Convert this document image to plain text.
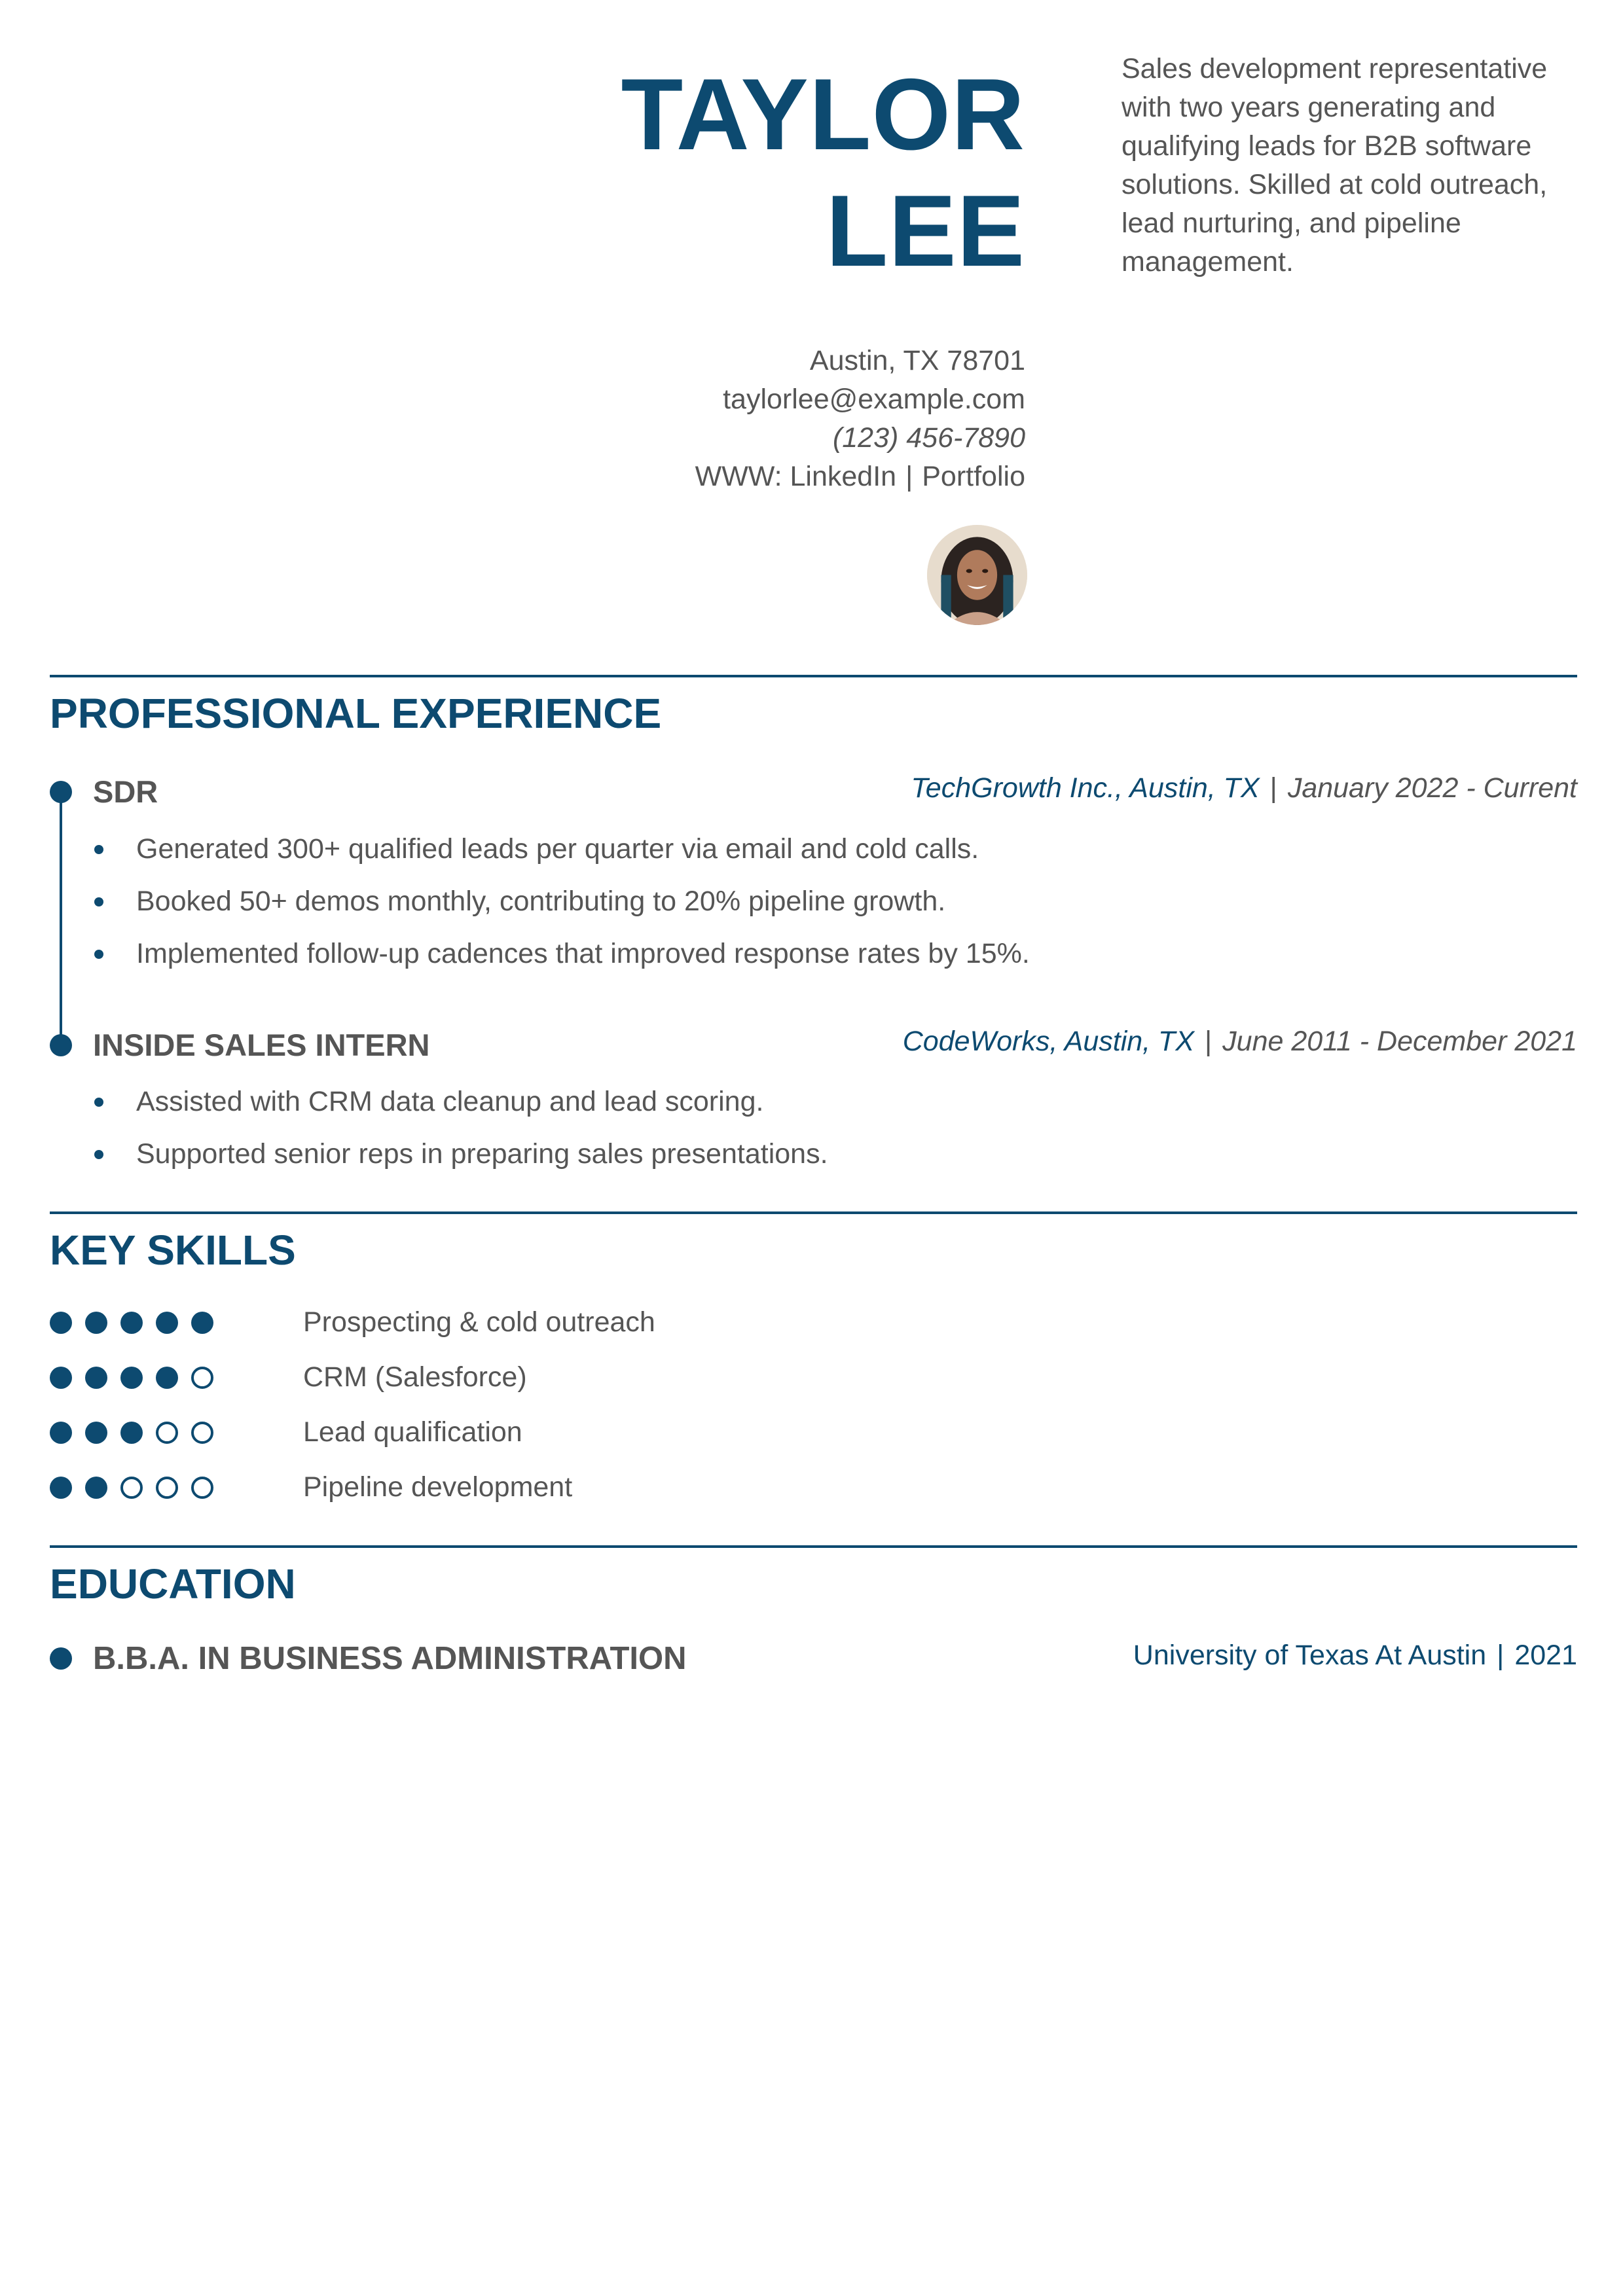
TAYLOR
LEE
Sales development representative with two years generating and qualifying leads for B2B software solutions. Skilled at cold outreach, lead nurturing, and pipeline management.
Austin, TX 78701
taylorlee@example.com
(123) 456-7890
WWW: LinkedIn | Portfolio
PROFESSIONAL EXPERIENCE
SDR	TechGrowth Inc., Austin, TX | January 2022 - Current
Generated 300+ qualified leads per quarter via email and cold calls.
Booked 50+ demos monthly, contributing to 20% pipeline growth.
Implemented follow-up cadences that improved response rates by 15%.
INSIDE SALES INTERN	CodeWorks, Austin, TX | June 2011 - December 2021
Assisted with CRM data cleanup and lead scoring.
Supported senior reps in preparing sales presentations.
KEY SKILLS
Prospecting & cold outreach
CRM (Salesforce)
Lead qualification
Pipeline development
EDUCATION
B.B.A. IN BUSINESS ADMINISTRATION	University of Texas At Austin | 2021
